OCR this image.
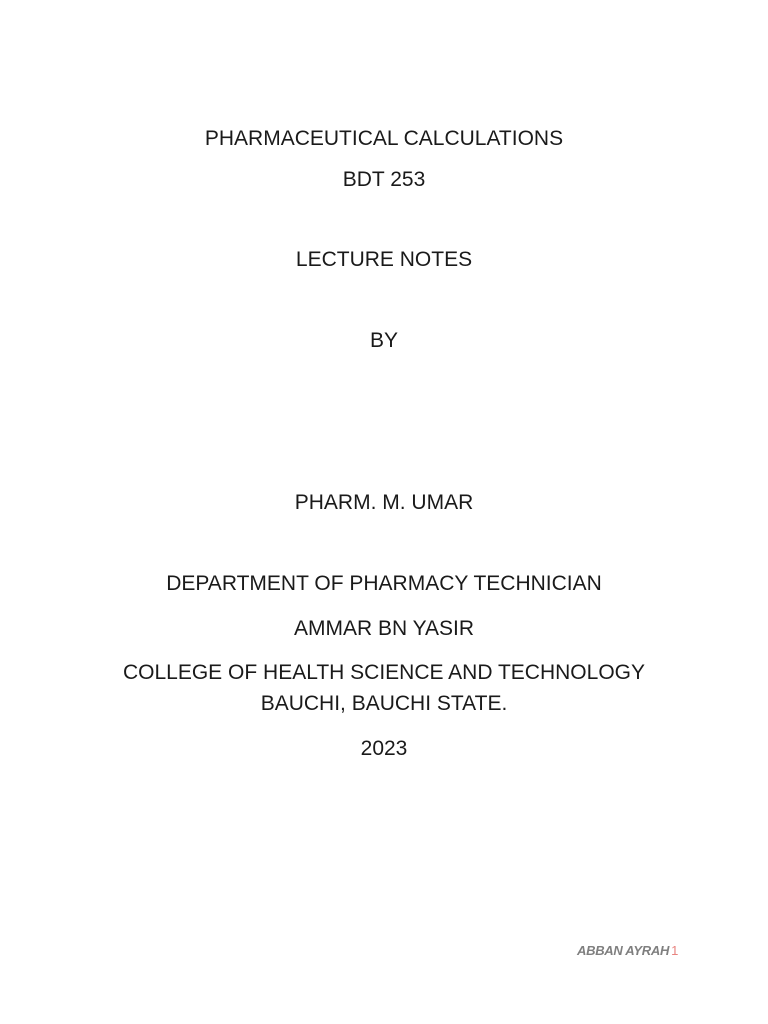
PHARMACEUTICAL CALCULATIONS
BDT 253
LECTURE NOTES
BY
PHARM. M. UMAR
DEPARTMENT OF PHARMACY TECHNICIAN
AMMAR BN YASIR
COLLEGE OF HEALTH SCIENCE AND TECHNOLOGY
BAUCHI, BAUCHI STATE.
2023
ABBAN AYRAH 1
